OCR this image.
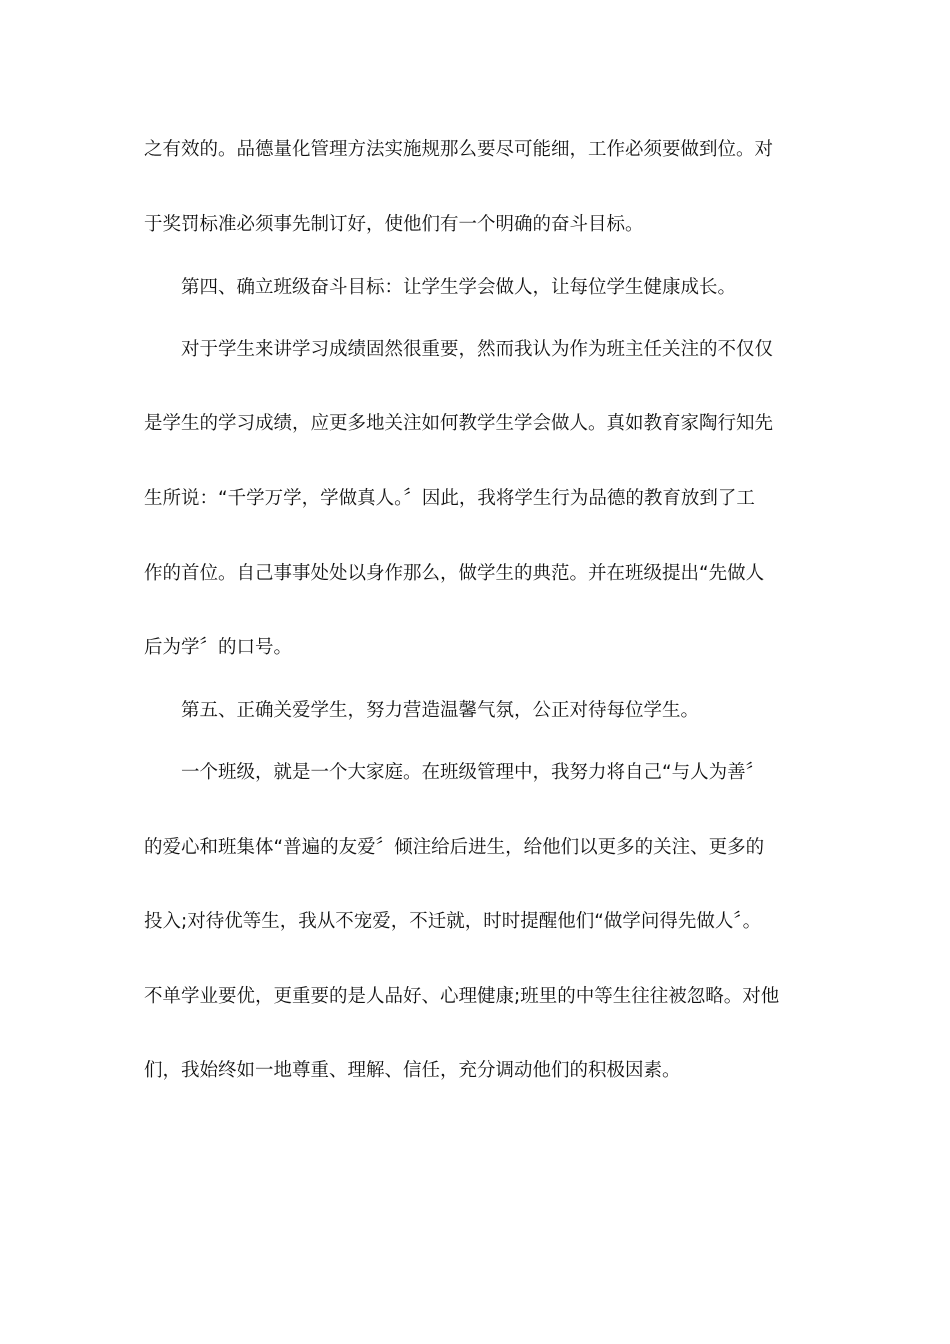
之有效的。品德量化管理方法实施规那么要尽可能细，工作必须要做到位。对
于奖罚标准必须事先制订好，使他们有一个明确的奋斗目标。
第四、确立班级奋斗目标：让学生学会做人，让每位学生健康成长。
对于学生来讲学习成绩固然很重要，然而我认为作为班主任关注的不仅仅
是学生的学习成绩，应更多地关注如何教学生学会做人。真如教育家陶行知先
生所说：“千学万学，学做真人。〞因此，我将学生行为品德的教育放到了工
作的首位。自己事事处处以身作那么，做学生的典范。并在班级提出“先做人
后为学〞的口号。
第五、正确关爱学生，努力营造温馨气氛，公正对待每位学生。
一个班级，就是一个大家庭。在班级管理中，我努力将自己“与人为善〞
的爱心和班集体“普遍的友爱〞倾注给后进生，给他们以更多的关注、更多的
投入;对待优等生，我从不宠爱，不迁就，时时提醒他们“做学问得先做人〞。
不单学业要优，更重要的是人品好、心理健康;班里的中等生往往被忽略。对他
们，我始终如一地尊重、理解、信任，充分调动他们的积极因素。
